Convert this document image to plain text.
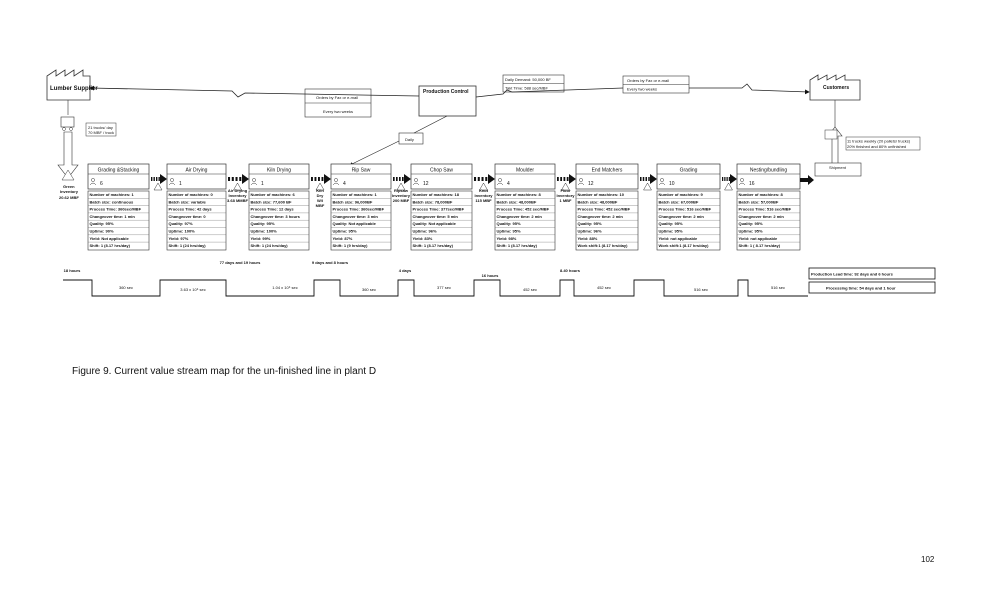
Lumber Supplier	Customers
Production Control
Daily Demand: 50,000 BF
Takt Time: 588 sec/MBF
Orders by Fax or e-mail
Every two weeks
Orders by Fax or e-mail
Every two weeks
Daily
21 trucks/ day
70 MBF / truck
11 trucks weekly (20 pallets/ trucks)
20% finished and 80% unfinished
Shipment
Green
Inventory
20.62 MBF
Grading &Stacking
6
Number of machines: 1
Batch size: continuous
Process Time: 360sec/MBF
Changeover time: 1 min
Quality: 95%
Uptime: 90%
Yield: Not applicable
Shift: 1 (8.17 hrs/day)
Air Drying
1
Number of machines: 0
Batch size: variable
Process Time: 42 days
Changeover time: 0
Quality: 97%
Uptime: 100%
Yield: 97%
Shift: 1 (24 hrs/day)
Air Drying
Inventory
3.68 MMBF
Kiln Drying
1
Number of machines: 6
Batch size: 77,600 BF
Process Time: 12 days
Changeover time: 3 hours
Quality: 95%
Uptime: 100%
Yield: 99%
Shift: 1 (24 hrs/day)
Kiln
Dry
W/I
MBF
Rip Saw
4
Number of machines: 1
Batch size: 96,000BF
Process Time: 360sec/MBF
Changeover time: 3 min
Quality: Not applicable
Uptime: 95%
Yield: 87%
Shift: 1 (9 hrs/day)
Ripsaw
Inventory
200 MBF
Chop Saw
12
Number of machines: 18
Batch size: 78,000BF
Process Time: 377sec/MBF
Changeover time: 5 min
Quality: Not applicable
Uptime: 96%
Yield: 83%
Shift: 1 (8.17 hrs/day)
Knot
Inventory
115 MBF
Moulder
4
Number of machines: 8
Batch size: 48,000BF
Process Time: 452 sec/MBF
Changeover time: 2 min
Quality: 95%
Uptime: 95%
Yield: 98%
Shift: 1 (8.17 hrs/day)
Floor
Inventory
1 MBF
End Matchers
12
Number of machines: 10
Batch size: 48,000BF
Process Time: 452 sec/MBF
Changeover time: 2 min
Quality: 95%
Uptime: 96%
Yield: 88%
Work shift:1 (8.17 hrs/day)
Grading
10
Number of machines: 9
Batch size: 67,000BF
Process Time: 516 sec/MBF
Changeover time: 2 min
Quality: 95%
Uptime: 95%
Yield: not applicable
Work shift:1 (8.17 hrs/day)
Nesting/bundling
16
Number of machines: 8
Batch size: 57,000BF
Process Time: 516 sec/MBF
Changeover time: 2 min
Quality: 95%
Uptime: 95%
Yield: not applicable
Shift: 1 ( 8.17 hrs/day)
18 hours
77 days and 19 hours	9 days and 8 hours
4 days
16 hours
8.40 hours
360 sec	3.63 x 10⁶ sec	1.04 x 10⁶ sec	360 sec	377 sec	452 sec	452 sec	516 sec	516 sec
Production Lead time: 92 days and 6 hours
Processing time: 54 days and 1 hour
Figure 9. Current value stream map for the un-finished line in plant D
102
